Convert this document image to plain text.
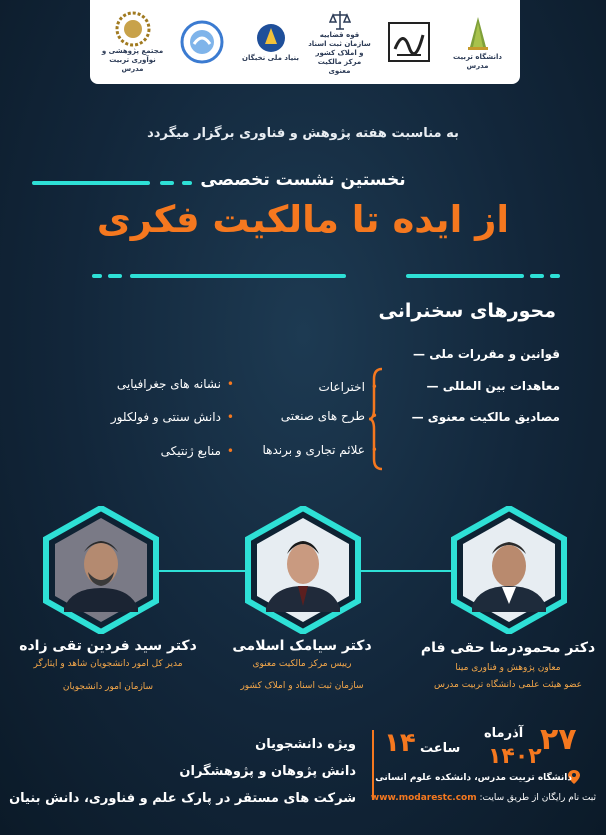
دانشگاه تربیت مدرس
قوه قضاییه سازمان ثبت اسناد و املاک کشور مرکز مالکیت معنوی
بنیاد ملی نخبگان
مجتمع پژوهشی و نوآوری تربیت مدرس
به مناسبت هفته پژوهش و فناوری برگزار میگردد
نخستین نشست تخصصی
از ایده تا مالکیت فکری
محورهای سخنرانی
قوانین و مقررات ملی —
معاهدات بین المللی —
مصادیق مالکیت معنوی —
•اختراعات
•طرح های صنعتی
•علائم تجاری و برندها
•نشانه های جغرافیایی
•دانش سنتی و فولکلور
•منابع ژنتیکی
دکتر محمودرضا حقی فام
معاون پژوهش و فناوری مینا
عضو هیئت علمی دانشگاه تربیت مدرس
دکتر سیامک اسلامی
رییس مرکز مالکیت معنوی
سازمان ثبت اسناد و املاک کشور
دکتر سید فردین تقی زاده
مدیر کل امور دانشجویان شاهد و ایثارگر
سازمان امور دانشجویان
ویژه دانشجویان
دانش پژوهان و پژوهشگران
شرکت های مستقر در پارک علم و فناوری، دانش بنیان
ساعت
۱۴	۲۷
آذرماه
۱۴۰۲
دانشگاه تربیت مدرس، دانشکده علوم انسانی
ثبت نام رایگان از طریق سایت: www.modarestc.com
